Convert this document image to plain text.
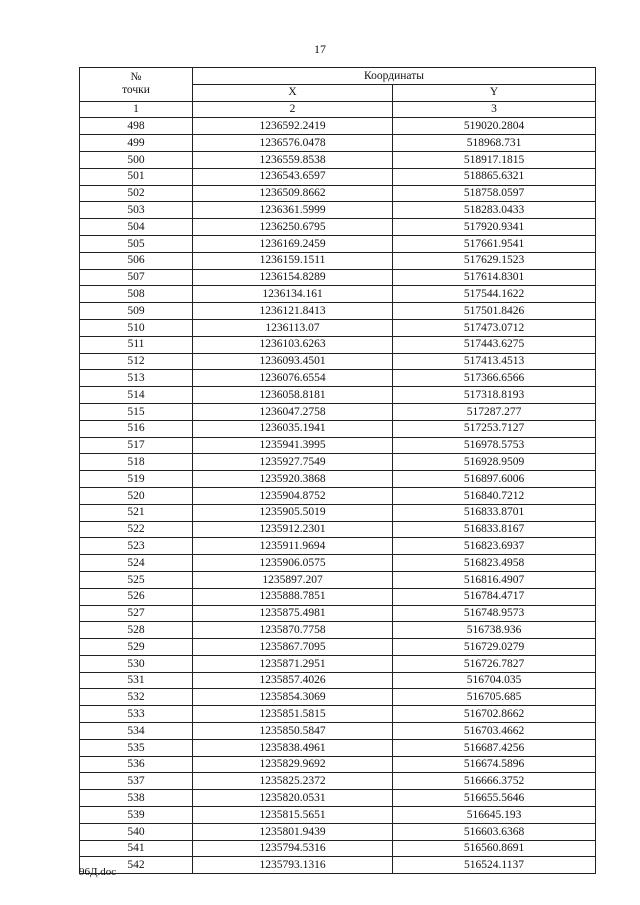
17
№
точки	Координаты	
	X	Y
1	2	3
498	1236592.2419	519020.2804
499	1236576.0478	518968.731
500	1236559.8538	518917.1815
501	1236543.6597	518865.6321
502	1236509.8662	518758.0597
503	1236361.5999	518283.0433
504	1236250.6795	517920.9341
505	1236169.2459	517661.9541
506	1236159.1511	517629.1523
507	1236154.8289	517614.8301
508	1236134.161	517544.1622
509	1236121.8413	517501.8426
510	1236113.07	517473.0712
511	1236103.6263	517443.6275
512	1236093.4501	517413.4513
513	1236076.6554	517366.6566
514	1236058.8181	517318.8193
515	1236047.2758	517287.277
516	1236035.1941	517253.7127
517	1235941.3995	516978.5753
518	1235927.7549	516928.9509
519	1235920.3868	516897.6006
520	1235904.8752	516840.7212
521	1235905.5019	516833.8701
522	1235912.2301	516833.8167
523	1235911.9694	516823.6937
524	1235906.0575	516823.4958
525	1235897.207	516816.4907
526	1235888.7851	516784.4717
527	1235875.4981	516748.9573
528	1235870.7758	516738.936
529	1235867.7095	516729.0279
530	1235871.2951	516726.7827
531	1235857.4026	516704.035
532	1235854.3069	516705.685
533	1235851.5815	516702.8662
534	1235850.5847	516703.4662
535	1235838.4961	516687.4256
536	1235829.9692	516674.5896
537	1235825.2372	516666.3752
538	1235820.0531	516655.5646
539	1235815.5651	516645.193
540	1235801.9439	516603.6368
541	1235794.5316	516560.8691
542	1235793.1316	516524.1137
96Д.doc
